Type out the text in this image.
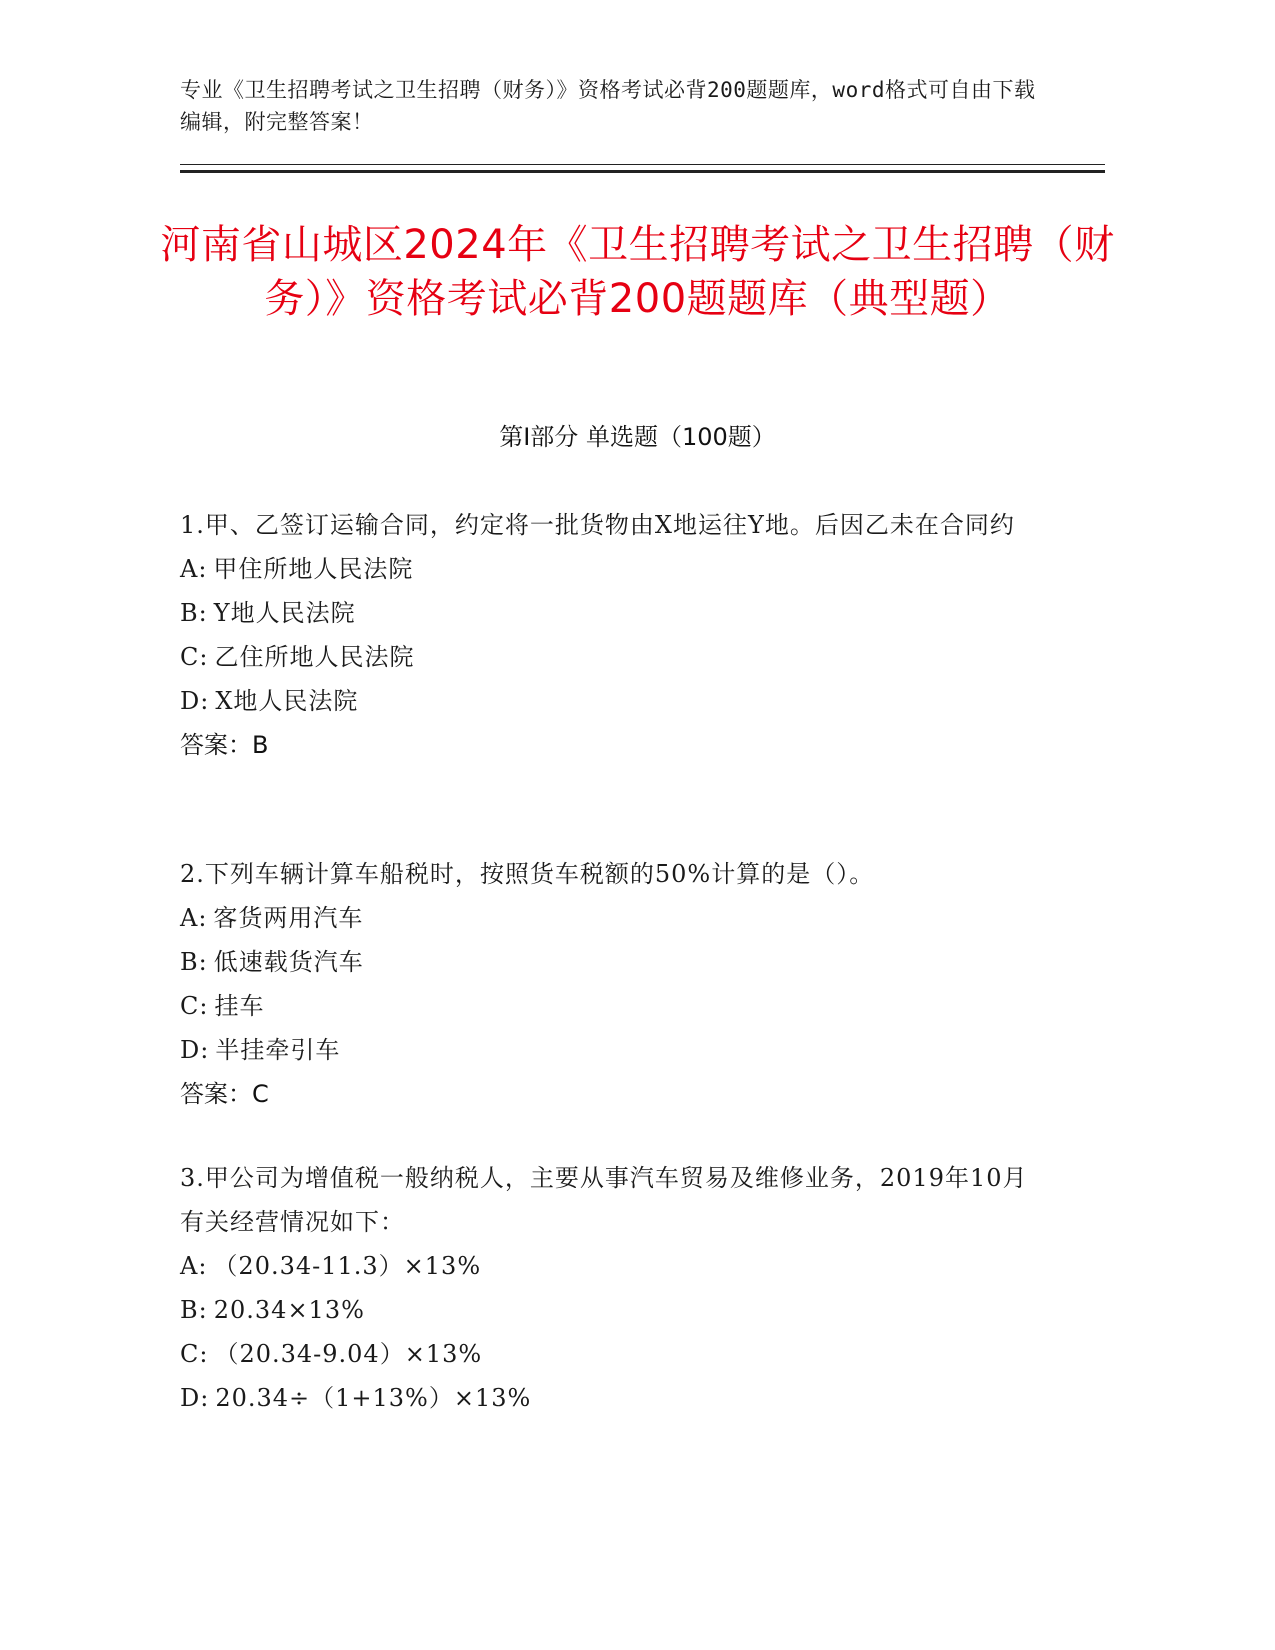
专业《卫生招聘考试之卫生招聘（财务）》资格考试必背200题题库，word格式可自由下载编辑，附完整答案！
河南省山城区2024年《卫生招聘考试之卫生招聘（财务）》资格考试必背200题题库（典型题）
第I部分 单选题（100题）
1.甲、乙签订运输合同，约定将一批货物由X地运往Y地。后因乙未在合同约
A: 甲住所地人民法院
B: Y地人民法院
C: 乙住所地人民法院
D: X地人民法院
答案：B
2.下列车辆计算车船税时，按照货车税额的50%计算的是（）。
A: 客货两用汽车
B: 低速载货汽车
C: 挂车
D: 半挂牵引车
答案：C
3.甲公司为增值税一般纳税人，主要从事汽车贸易及维修业务，2019年10月有关经营情况如下：
A: （20.34-11.3）×13%
B: 20.34×13%
C: （20.34-9.04）×13%
D: 20.34÷（1+13%）×13%
